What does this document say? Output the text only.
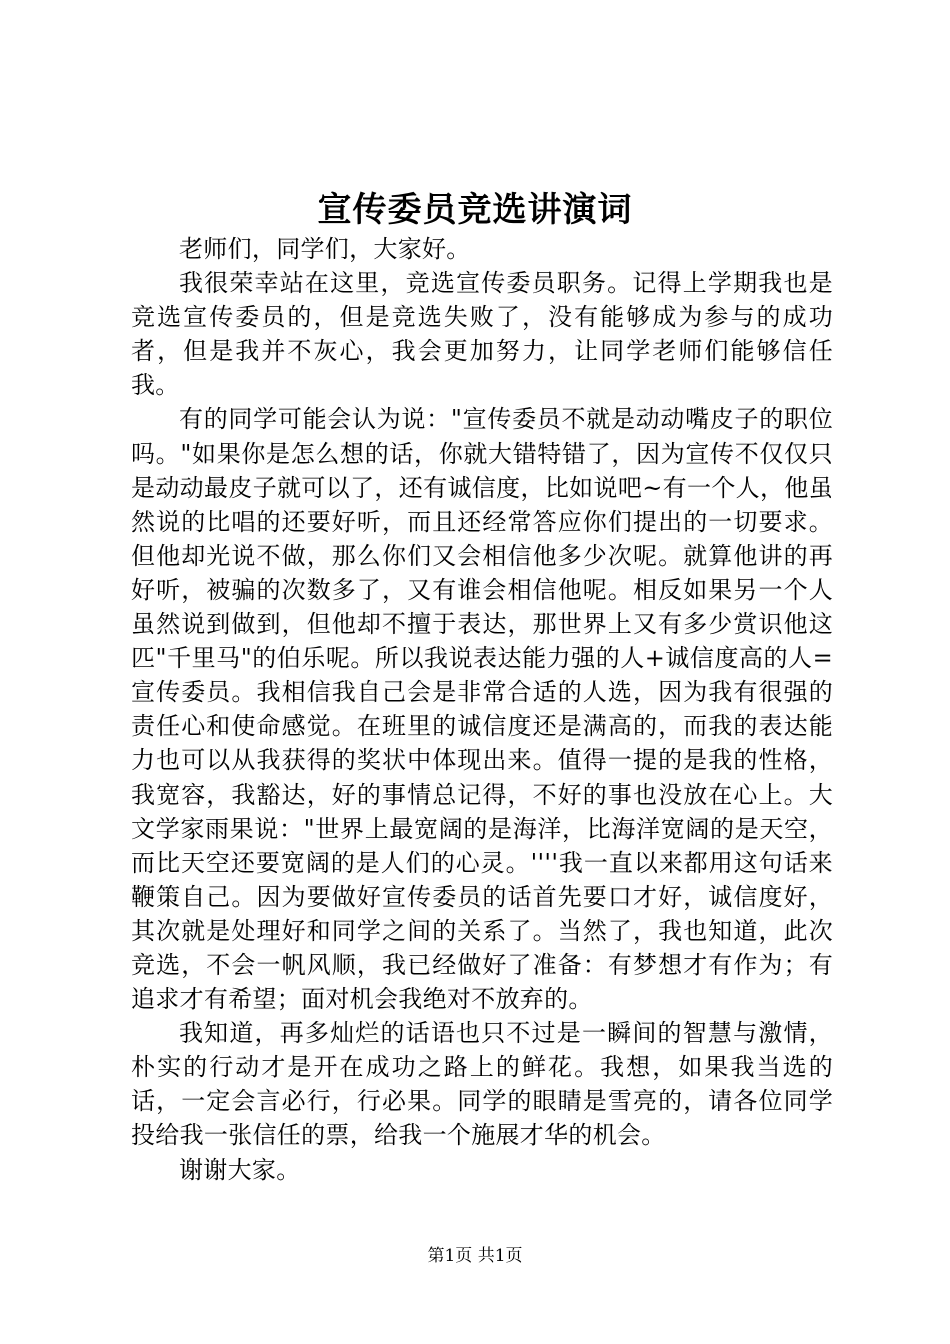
宣传委员竞选讲演词

老师们，同学们，大家好。

我很荣幸站在这里，竞选宣传委员职务。记得上学期我也是竞选宣传委员的，但是竞选失败了，没有能够成为参与的成功者，但是我并不灰心，我会更加努力，让同学老师们能够信任我。

有的同学可能会认为说："宣传委员不就是动动嘴皮子的职位吗。"如果你是怎么想的话，你就大错特错了，因为宣传不仅仅只是动动最皮子就可以了，还有诚信度，比如说吧~有一个人，他虽然说的比唱的还要好听，而且还经常答应你们提出的一切要求。但他却光说不做，那么你们又会相信他多少次呢。就算他讲的再好听，被骗的次数多了，又有谁会相信他呢。相反如果另一个人虽然说到做到，但他却不擅于表达，那世界上又有多少赏识他这匹"千里马"的伯乐呢。所以我说表达能力强的人+诚信度高的人=宣传委员。我相信我自己会是非常合适的人选，因为我有很强的责任心和使命感觉。在班里的诚信度还是满高的，而我的表达能力也可以从我获得的奖状中体现出来。值得一提的是我的性格，我宽容，我豁达，好的事情总记得，不好的事也没放在心上。大文学家雨果说："世界上最宽阔的是海洋，比海洋宽阔的是天空，而比天空还要宽阔的是人们的心灵。''''我一直以来都用这句话来鞭策自己。因为要做好宣传委员的话首先要口才好，诚信度好，其次就是处理好和同学之间的关系了。当然了，我也知道，此次竞选，不会一帆风顺，我已经做好了准备：有梦想才有作为；有追求才有希望；面对机会我绝对不放弃的。

我知道，再多灿烂的话语也只不过是一瞬间的智慧与激情，朴实的行动才是开在成功之路上的鲜花。我想，如果我当选的话，一定会言必行，行必果。同学的眼睛是雪亮的，请各位同学投给我一张信任的票，给我一个施展才华的机会。

谢谢大家。

第1页 共1页
